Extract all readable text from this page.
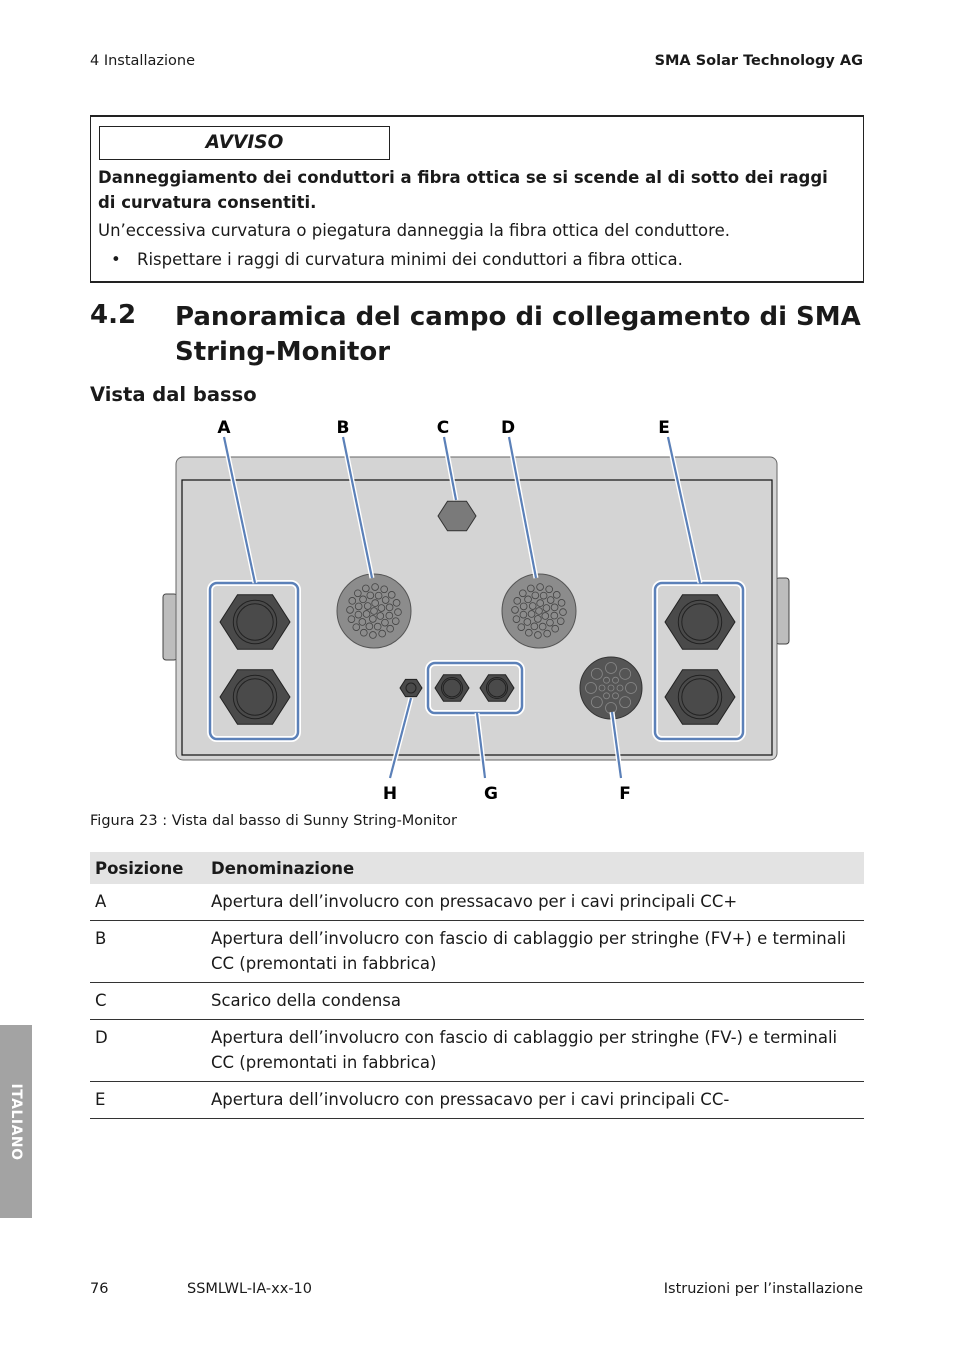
4 Installazione	SMA Solar Technology AG
AVVISO
Danneggiamento dei conduttori a fibra ottica se si scende al di sotto dei raggi di curvatura consentiti.
Un’eccessiva curvatura o piegatura danneggia la fibra ottica del conduttore.
• Rispettare i raggi di curvatura minimi dei conduttori a fibra ottica.
4.2 Panoramica del campo di collegamento di SMA String-Monitor
Vista dal basso
A	B	C	D	E
H	G	F
Figura 23 : Vista dal basso di Sunny String-Monitor
Posizione	Denominazione
A	Apertura dell’involucro con pressacavo per i cavi principali CC+
B	Apertura dell’involucro con fascio di cablaggio per stringhe (FV+) e terminali CC (premontati in fabbrica)
C	Scarico della condensa
D	Apertura dell’involucro con fascio di cablaggio per stringhe (FV-) e terminali CC (premontati in fabbrica)
E	Apertura dell’involucro con pressacavo per i cavi principali CC-
ITALIANO
76	SSMLWL-IA-xx-10	Istruzioni per l’installazione
